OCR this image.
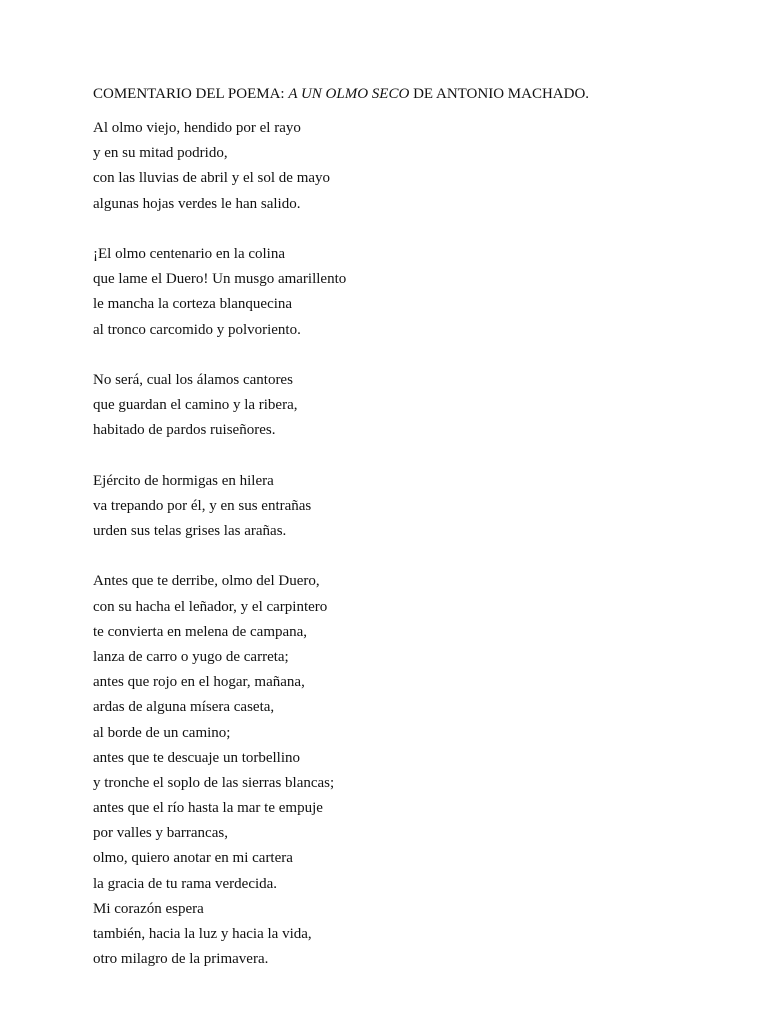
COMENTARIO DEL POEMA: A UN OLMO SECO DE ANTONIO MACHADO.
Al olmo viejo, hendido por el rayo
y en su mitad podrido,
con las lluvias de abril y el sol de mayo
algunas hojas verdes le han salido.
¡El olmo centenario en la colina
que lame el Duero! Un musgo amarillento
le mancha la corteza blanquecina
al tronco carcomido y polvoriento.
No será, cual los álamos cantores
que guardan el camino y la ribera,
habitado de pardos ruiseñores.
Ejército de hormigas en hilera
va trepando por él, y en sus entrañas
urden sus telas grises las arañas.
Antes que te derribe, olmo del Duero,
con su hacha el leñador, y el carpintero
te convierta en melena de campana,
lanza de carro o yugo de carreta;
antes que rojo en el hogar, mañana,
ardas de alguna mísera caseta,
al borde de un camino;
antes que te descuaje un torbellino
y tronche el soplo de las sierras blancas;
antes que el río hasta la mar te empuje
por valles y barrancas,
olmo, quiero anotar en mi cartera
la gracia de tu rama verdecida.
Mi corazón espera
también, hacia la luz y hacia la vida,
otro milagro de la primavera.
